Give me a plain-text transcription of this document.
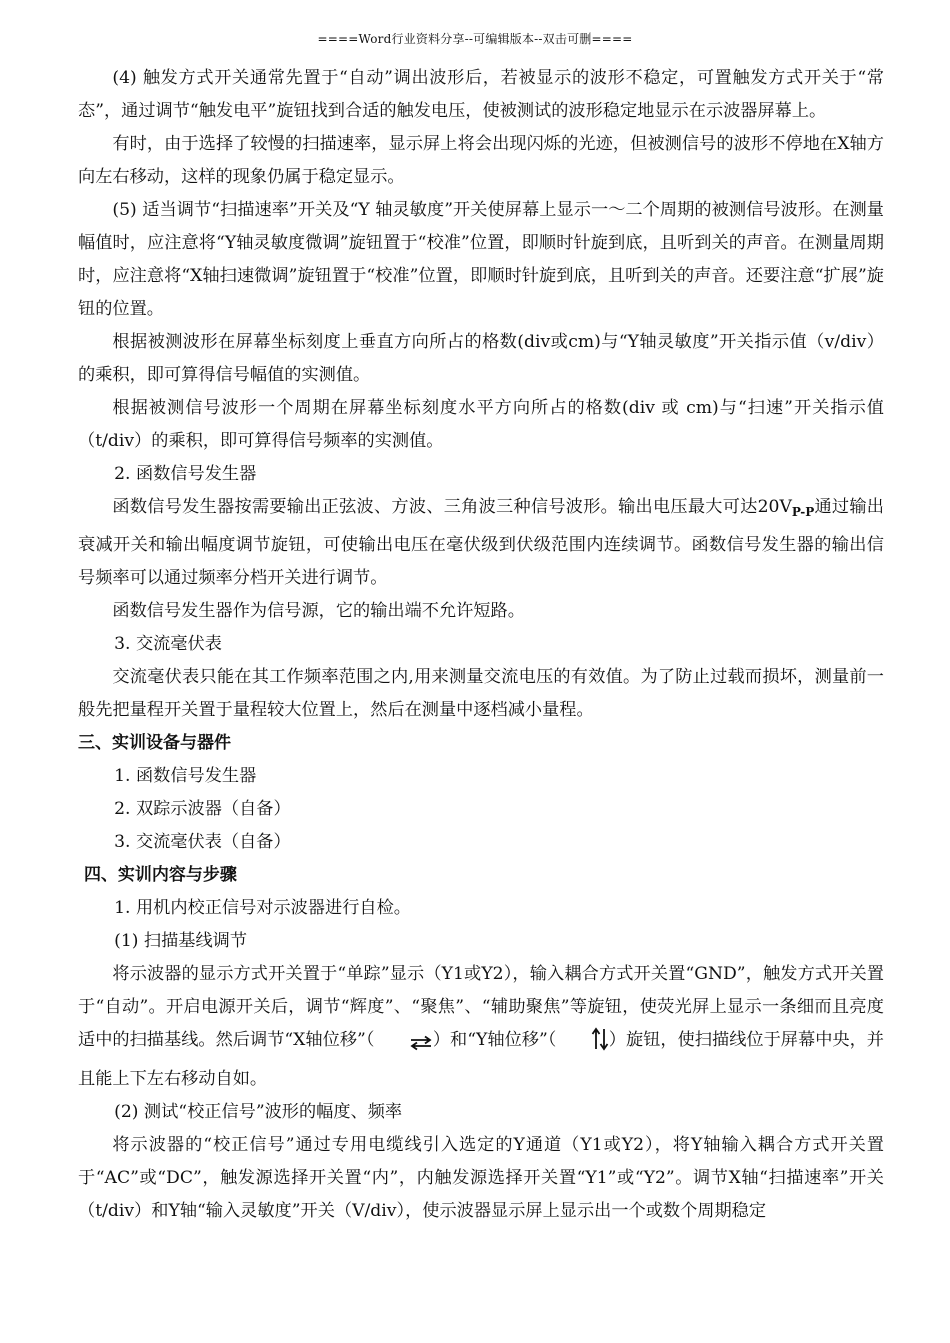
====Word行业资料分享--可编辑版本--双击可删====

(4) 触发方式开关通常先置于“自动”调出波形后，若被显示的波形不稳定，可置触发方式开关于“常态”，通过调节“触发电平”旋钮找到合适的触发电压，使被测试的波形稳定地显示在示波器屏幕上。

有时，由于选择了较慢的扫描速率，显示屏上将会出现闪烁的光迹，但被测信号的波形不停地在X轴方向左右移动，这样的现象仍属于稳定显示。

(5) 适当调节“扫描速率”开关及“Y 轴灵敏度”开关使屏幕上显示一～二个周期的被测信号波形。在测量幅值时，应注意将“Y轴灵敏度微调”旋钮置于“校准”位置，即顺时针旋到底，且听到关的声音。在测量周期时，应注意将“X轴扫速微调”旋钮置于“校准”位置，即顺时针旋到底，且听到关的声音。还要注意“扩展”旋钮的位置。

根据被测波形在屏幕坐标刻度上垂直方向所占的格数(div或cm)与“Y轴灵敏度”开关指示值（v/div）的乘积，即可算得信号幅值的实测值。

根据被测信号波形一个周期在屏幕坐标刻度水平方向所占的格数(div 或 cm)与“扫速”开关指示值（t/div）的乘积，即可算得信号频率的实测值。

2. 函数信号发生器

函数信号发生器按需要输出正弦波、方波、三角波三种信号波形。输出电压最大可达$20V_{P-P}$通过输出衰减开关和输出幅度调节旋钮，可使输出电压在毫伏级到伏级范围内连续调节。函数信号发生器的输出信号频率可以通过频率分档开关进行调节。

函数信号发生器作为信号源，它的输出端不允许短路。

3. 交流毫伏表

交流毫伏表只能在其工作频率范围之内,用来测量交流电压的有效值。为了防止过载而损坏，测量前一般先把量程开关置于量程较大位置上，然后在测量中逐档减小量程。

三、实训设备与器件

1. 函数信号发生器

2. 双踪示波器（自备）

3. 交流毫伏表（自备）

四、实训内容与步骤

1. 用机内校正信号对示波器进行自检。

(1) 扫描基线调节

将示波器的显示方式开关置于“单踪”显示（Y1或Y2），输入耦合方式开关置“GND”，触发方式开关置于“自动”。开启电源开关后，调节“辉度”、“聚焦”、“辅助聚焦”等旋钮，使荧光屏上显示一条细而且亮度适中的扫描基线。然后调节“X轴位移”（	）和“Y轴位移”（	）旋钮，使扫描线位于屏幕中央，并且能上下左右移动自如。

(2) 测试“校正信号”波形的幅度、频率

将示波器的“校正信号”通过专用电缆线引入选定的Y通道（Y1或Y2），将Y轴输入耦合方式开关置于“AC”或“DC”，触发源选择开关置“内”，内触发源选择开关置“Y1”或“Y2”。调节X轴“扫描速率”开关（t/div）和Y轴“输入灵敏度”开关（V/div），使示波器显示屏上显示出一个或数个周期稳定
